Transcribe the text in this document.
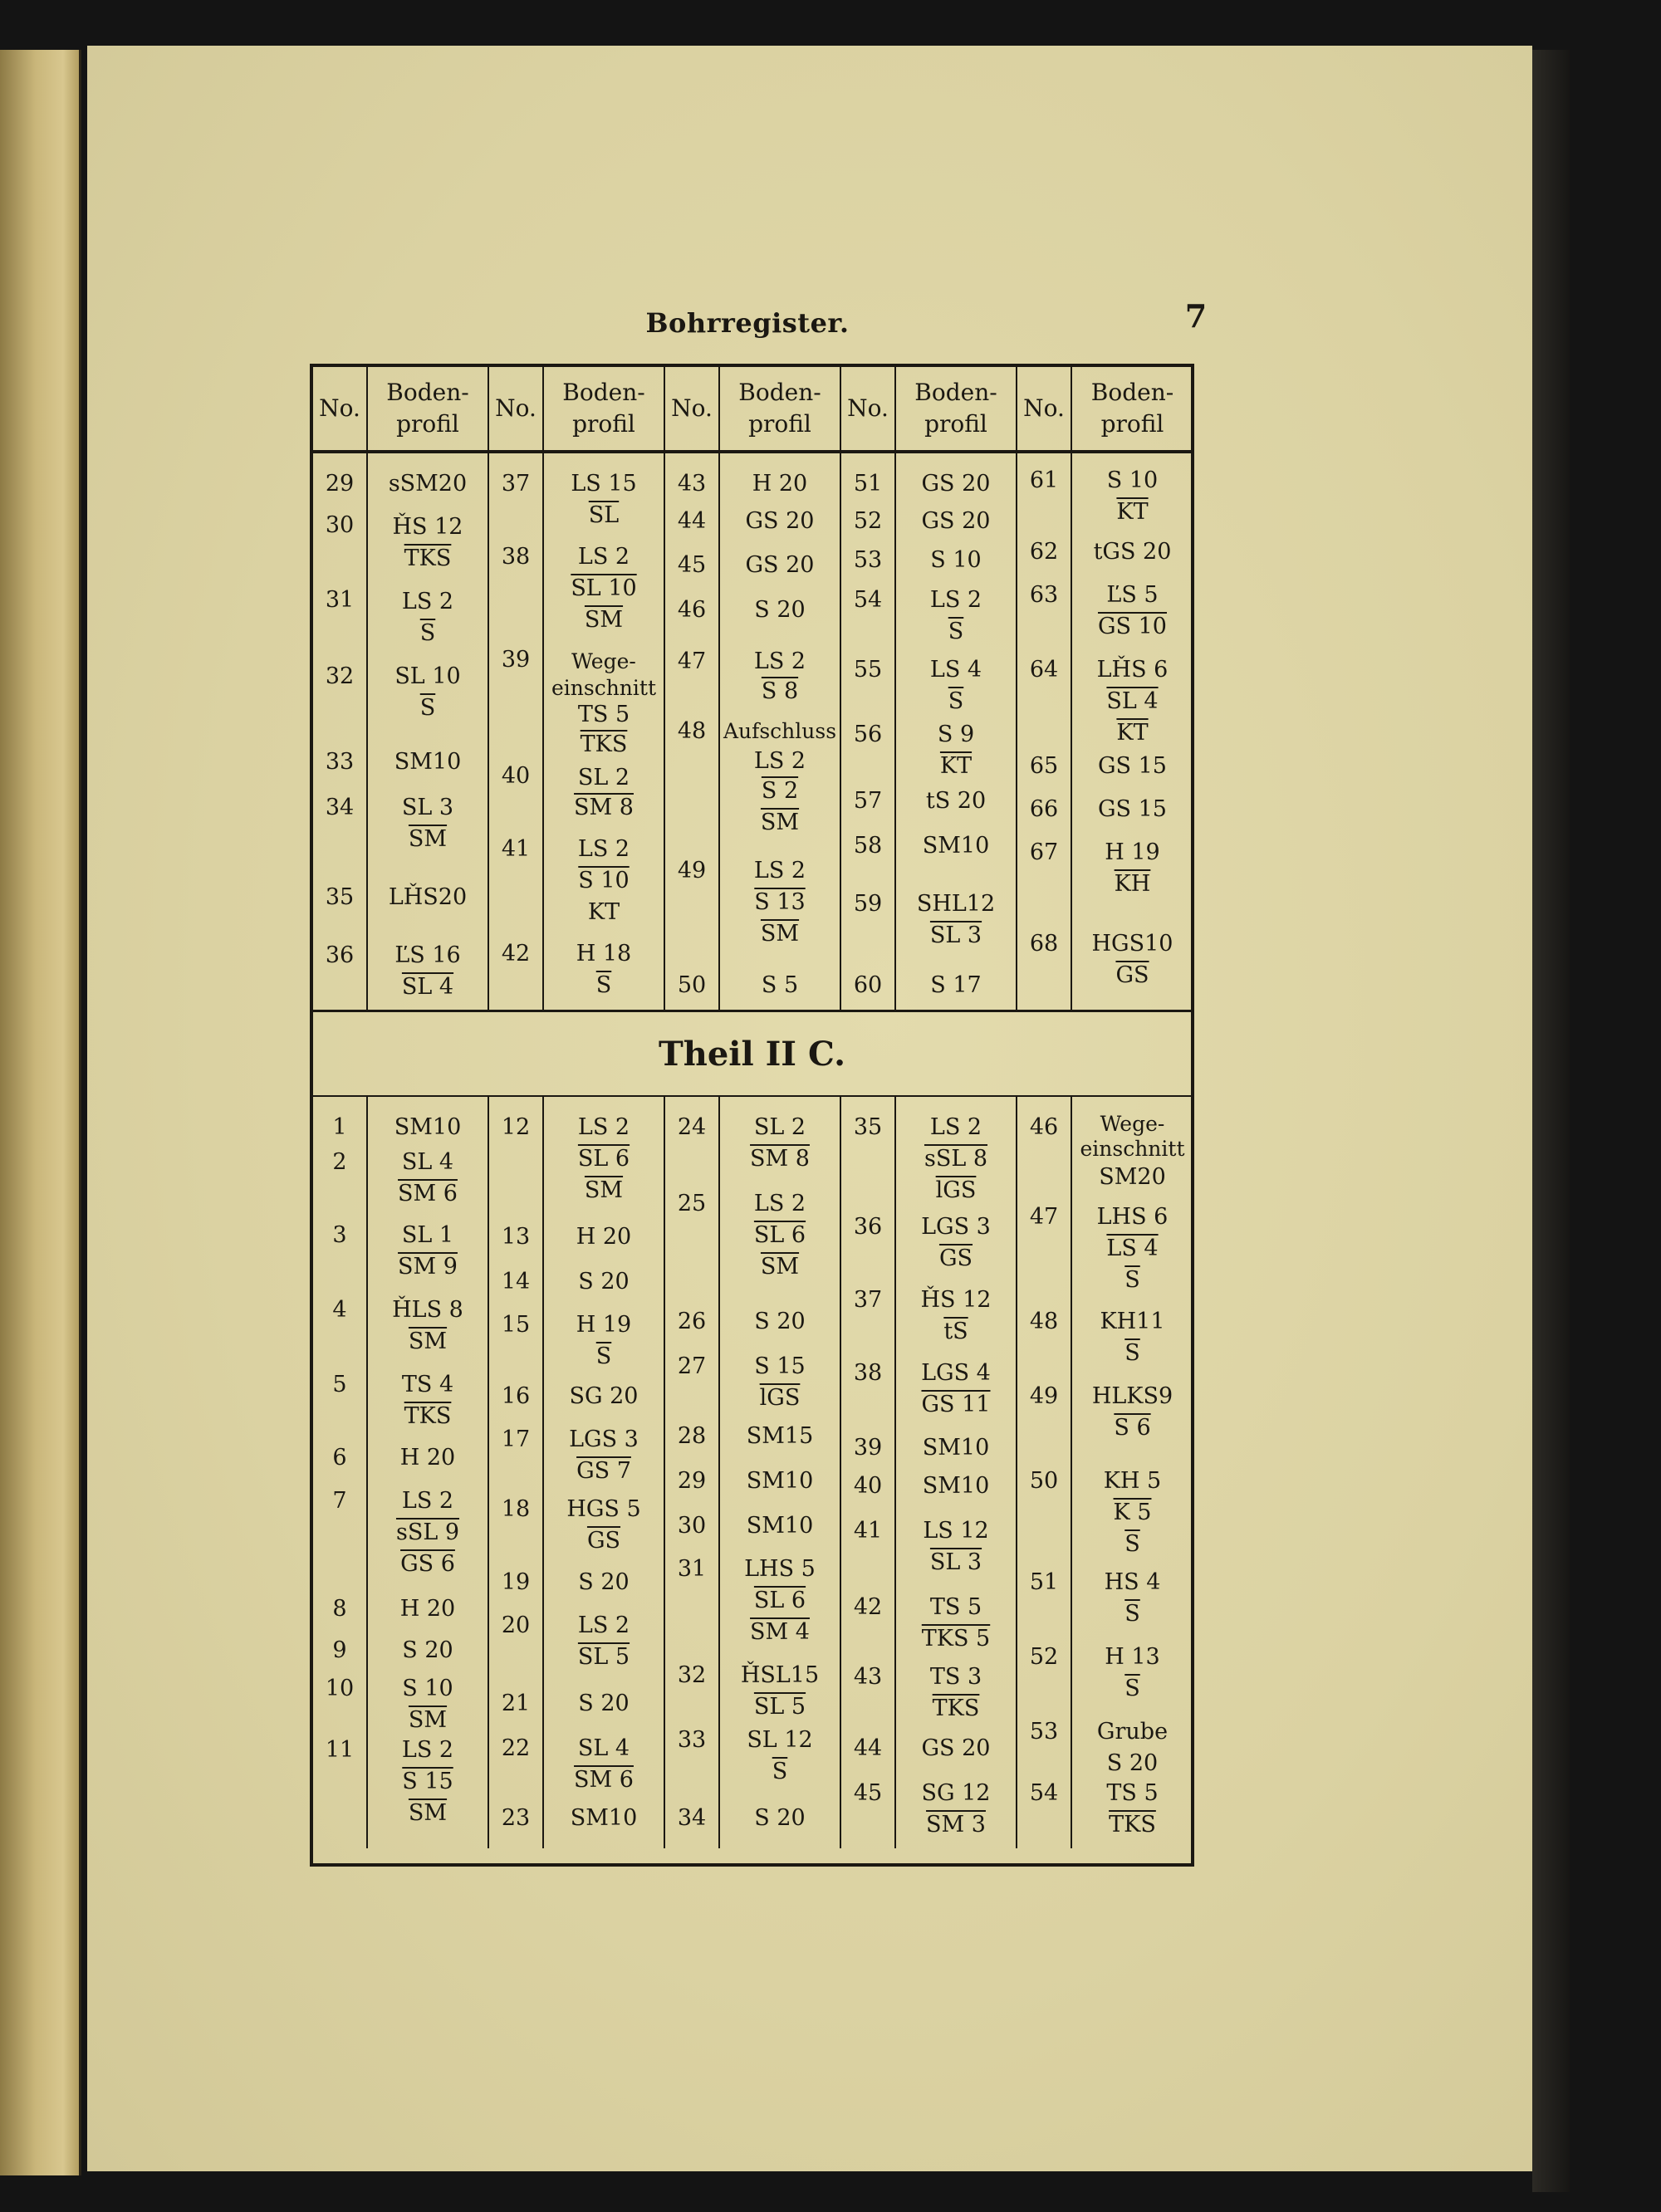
Bohrregister.	7
No.
Boden-
profil
No.
Boden-
profil
No.
Boden-
profil
No.
Boden-
profil
No.
Boden-
profil
29
30
31
32
33
34
35
36
sSM20
ȞS 12
$\overline{TKS}$
LS 2
$\overline{S}$
SL 10
$\overline{S}$
SM10
SL 3
$\overline{SM}$
LȞS20
ĽS 16
SL 4
37
38
39
40
41
42
LS 15
$\overline{SL}$
LS 2
SL 10
$\overline{SM}$
Wege-
einschnitt
TS 5
$\overline{TKS}$
SL 2
SM 8
LS 2
S 10
KT
H 18
$\overline{S}$
43
44
45
46
47
48
49
50
H 20
GS 20
GS 20
S 20
LS 2
S 8
Aufschluss
LS 2
S 2
$\overline{SM}$
LS 2
S 13
$\overline{SM}$
S 5
51
52
53
54
55
56
57
58
59
60
GS 20
GS 20
S 10
LS 2
$\overline{S}$
LS 4
$\overline{S}$
S 9
$\overline{KT}$
tS 20
SM10
SHL12
SL 3
S 17
61
62
63
64
65
66
67
68
S 10
$\overline{KT}$
tGS 20
ĽS 5
GS 10
LȞS 6
SL 4
$\overline{KT}$
GS 15
GS 15
H 19
$\overline{KH}$
HGS10
$\overline{GS}$
Theil II C.
1
2
3
4
5
6
7
8
9
10
11
SM10
SL 4
SM 6
SL 1
SM 9
ȞLS 8
$\overline{SM}$
TS 4
$\overline{TKS}$
H 20
LS 2
sSL 9
GS 6
H 20
S 20
S 10
$\overline{SM}$
LS 2
S 15
$\overline{SM}$
12
13
14
15
16
17
18
19
20
21
22
23
LS 2
SL 6
$\overline{SM}$
H 20
S 20
H 19
$\overline{S}$
SG 20
LGS 3
GS 7
HGS 5
$\overline{GS}$
S 20
LS 2
SL 5
S 20
SL 4
SM 6
SM10
24
25
26
27
28
29
30
31
32
33
34
SL 2
SM 8
LS 2
SL 6
$\overline{SM}$
S 20
S 15
$\overline{lGS}$
SM15
SM10
SM10
LHS 5
SL 6
SM 4
ȞSL15
SL 5
SL 12
$\overline{S}$
S 20
35
36
37
38
39
40
41
42
43
44
45
LS 2
sSL 8
$\overline{lGS}$
LGS 3
$\overline{GS}$
ȞS 12
$\overline{tS}$
LGS 4
GS 11
SM10
SM10
LS 12
SL 3
TS 5
TKS 5
TS 3
$\overline{TKS}$
GS 20
SG 12
SM 3
46
47
48
49
50
51
52
53
54
Wege-
einschnitt
SM20
LHS 6
LS 4
$\overline{S}$
KH11
$\overline{S}$
HLKS9
S 6
KH 5
K 5
$\overline{S}$
HS 4
$\overline{S}$
H 13
$\overline{S}$
Grube
S 20
TS 5
$\overline{TKS}$
